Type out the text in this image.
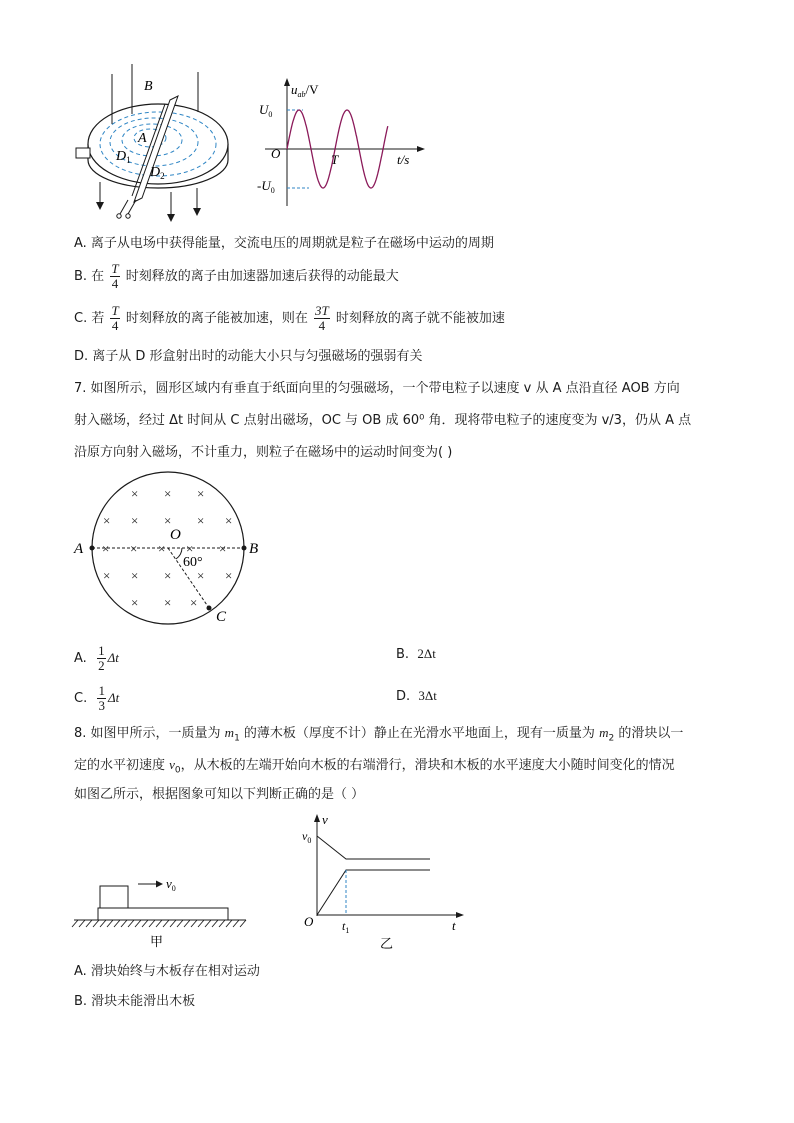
B
A
$D_1$
$D_2$
$u_{ab}/V$
$U_0$
O	T	t/s
$-U_0$
A. 离子从电场中获得能量，交流电压的周期就是粒子在磁场中运动的周期
B. 在 $\frac{T}{4}$ 时刻释放的离子由加速器加速后获得的动能最大
C. 若 $\frac{T}{4}$ 时刻释放的离子能被加速，则在 $\frac{3T}{4}$ 时刻释放的离子就不能被加速
D. 离子从 D 形盒射出时的动能大小只与匀强磁场的强弱有关
7. 如图所示，圆形区域内有垂直于纸面向里的匀强磁场，一个带电粒子以速度 v 从 A 点沿直径 AOB 方向
射入磁场，经过 Δt 时间从 C 点射出磁场，OC 与 OB 成 60⁰ 角．现将带电粒子的速度变为 v/3，仍从 A 点
沿原方向射入磁场，不计重力，则粒子在磁场中的运动时间变为( )
× × ×
× × × × ×
× × × × ×
× × × × ×
× × ×
A	B
O
C
60°
A. $\frac{1}{2}$ Δt	B. 2Δt
C. $\frac{1}{3}$ Δt	D. 3Δt
8. 如图甲所示，一质量为 $m_1$ 的薄木板（厚度不计）静止在光滑水平地面上，现有一质量为 $m_2$ 的滑块以一
定的水平初速度 $v_0$，从木板的左端开始向木板的右端滑行，滑块和木板的水平速度大小随时间变化的情况
如图乙所示，根据图象可知以下判断正确的是（ ）
$v_0$
甲
v
$v_0$
O $t_1$	t
乙
A. 滑块始终与木板存在相对运动
B. 滑块未能滑出木板
